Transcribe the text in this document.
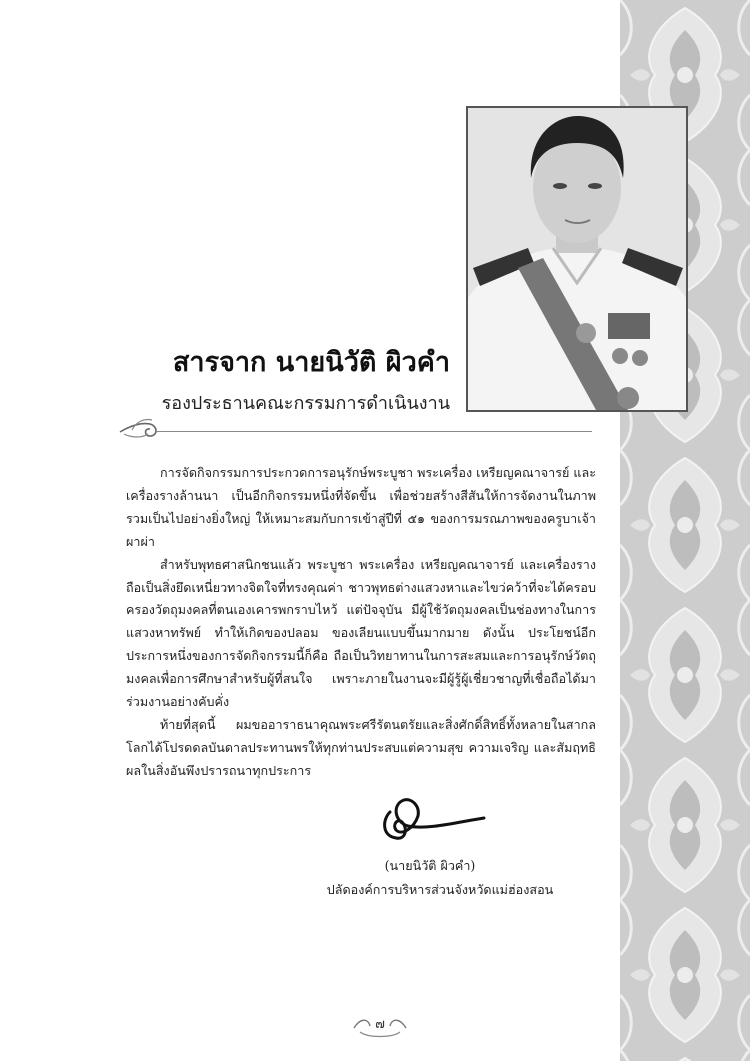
สารจาก นายนิวัติ ผิวคำ
รองประธานคณะกรรมการดำเนินงาน

การจัดกิจกรรมการประกวดการอนุรักษ์พระบูชา พระเครื่อง เหรียญคณาจารย์ และเครื่องรางล้านนา เป็นอีกกิจกรรมหนึ่งที่จัดขึ้น เพื่อช่วยสร้างสีสันให้การจัดงานในภาพรวมเป็นไปอย่างยิ่งใหญ่ ให้เหมาะสมกับการเข้าสู่ปีที่ ๕๑ ของการมรณภาพของครูบาเจ้าผาผ่า

สำหรับพุทธศาสนิกชนแล้ว พระบูชา พระเครื่อง เหรียญคณาจารย์ และเครื่องรางถือเป็นสิ่งยึดเหนี่ยวทางจิตใจที่ทรงคุณค่า ชาวพุทธต่างแสวงหาและไขว่คว้าที่จะได้ครอบครองวัตถุมงคลที่ตนเองเคารพกราบไหว้ แต่ปัจจุบัน มีผู้ใช้วัตถุมงคลเป็นช่องทางในการแสวงหาทรัพย์ ทำให้เกิดของปลอม ของเลียนแบบขึ้นมากมาย ดังนั้น ประโยชน์อีกประการหนึ่งของการจัดกิจกรรมนี้ก็คือ ถือเป็นวิทยาทานในการสะสมและการอนุรักษ์วัตถุมงคลเพื่อการศึกษาสำหรับผู้ที่สนใจ เพราะภายในงานจะมีผู้รู้ผู้เชี่ยวชาญที่เชื่อถือได้มาร่วมงานอย่างคับคั่ง

ท้ายที่สุดนี้ ผมขออาราธนาคุณพระศรีรัตนตรัยและสิ่งศักดิ์สิทธิ์ทั้งหลายในสากลโลกได้โปรดดลบันดาลประทานพรให้ทุกท่านประสบแต่ความสุข ความเจริญ และสัมฤทธิผลในสิ่งอันพึงปรารถนาทุกประการ

(นายนิวัติ ผิวคำ)
ปลัดองค์การบริหารส่วนจังหวัดแม่ฮ่องสอน
๗
